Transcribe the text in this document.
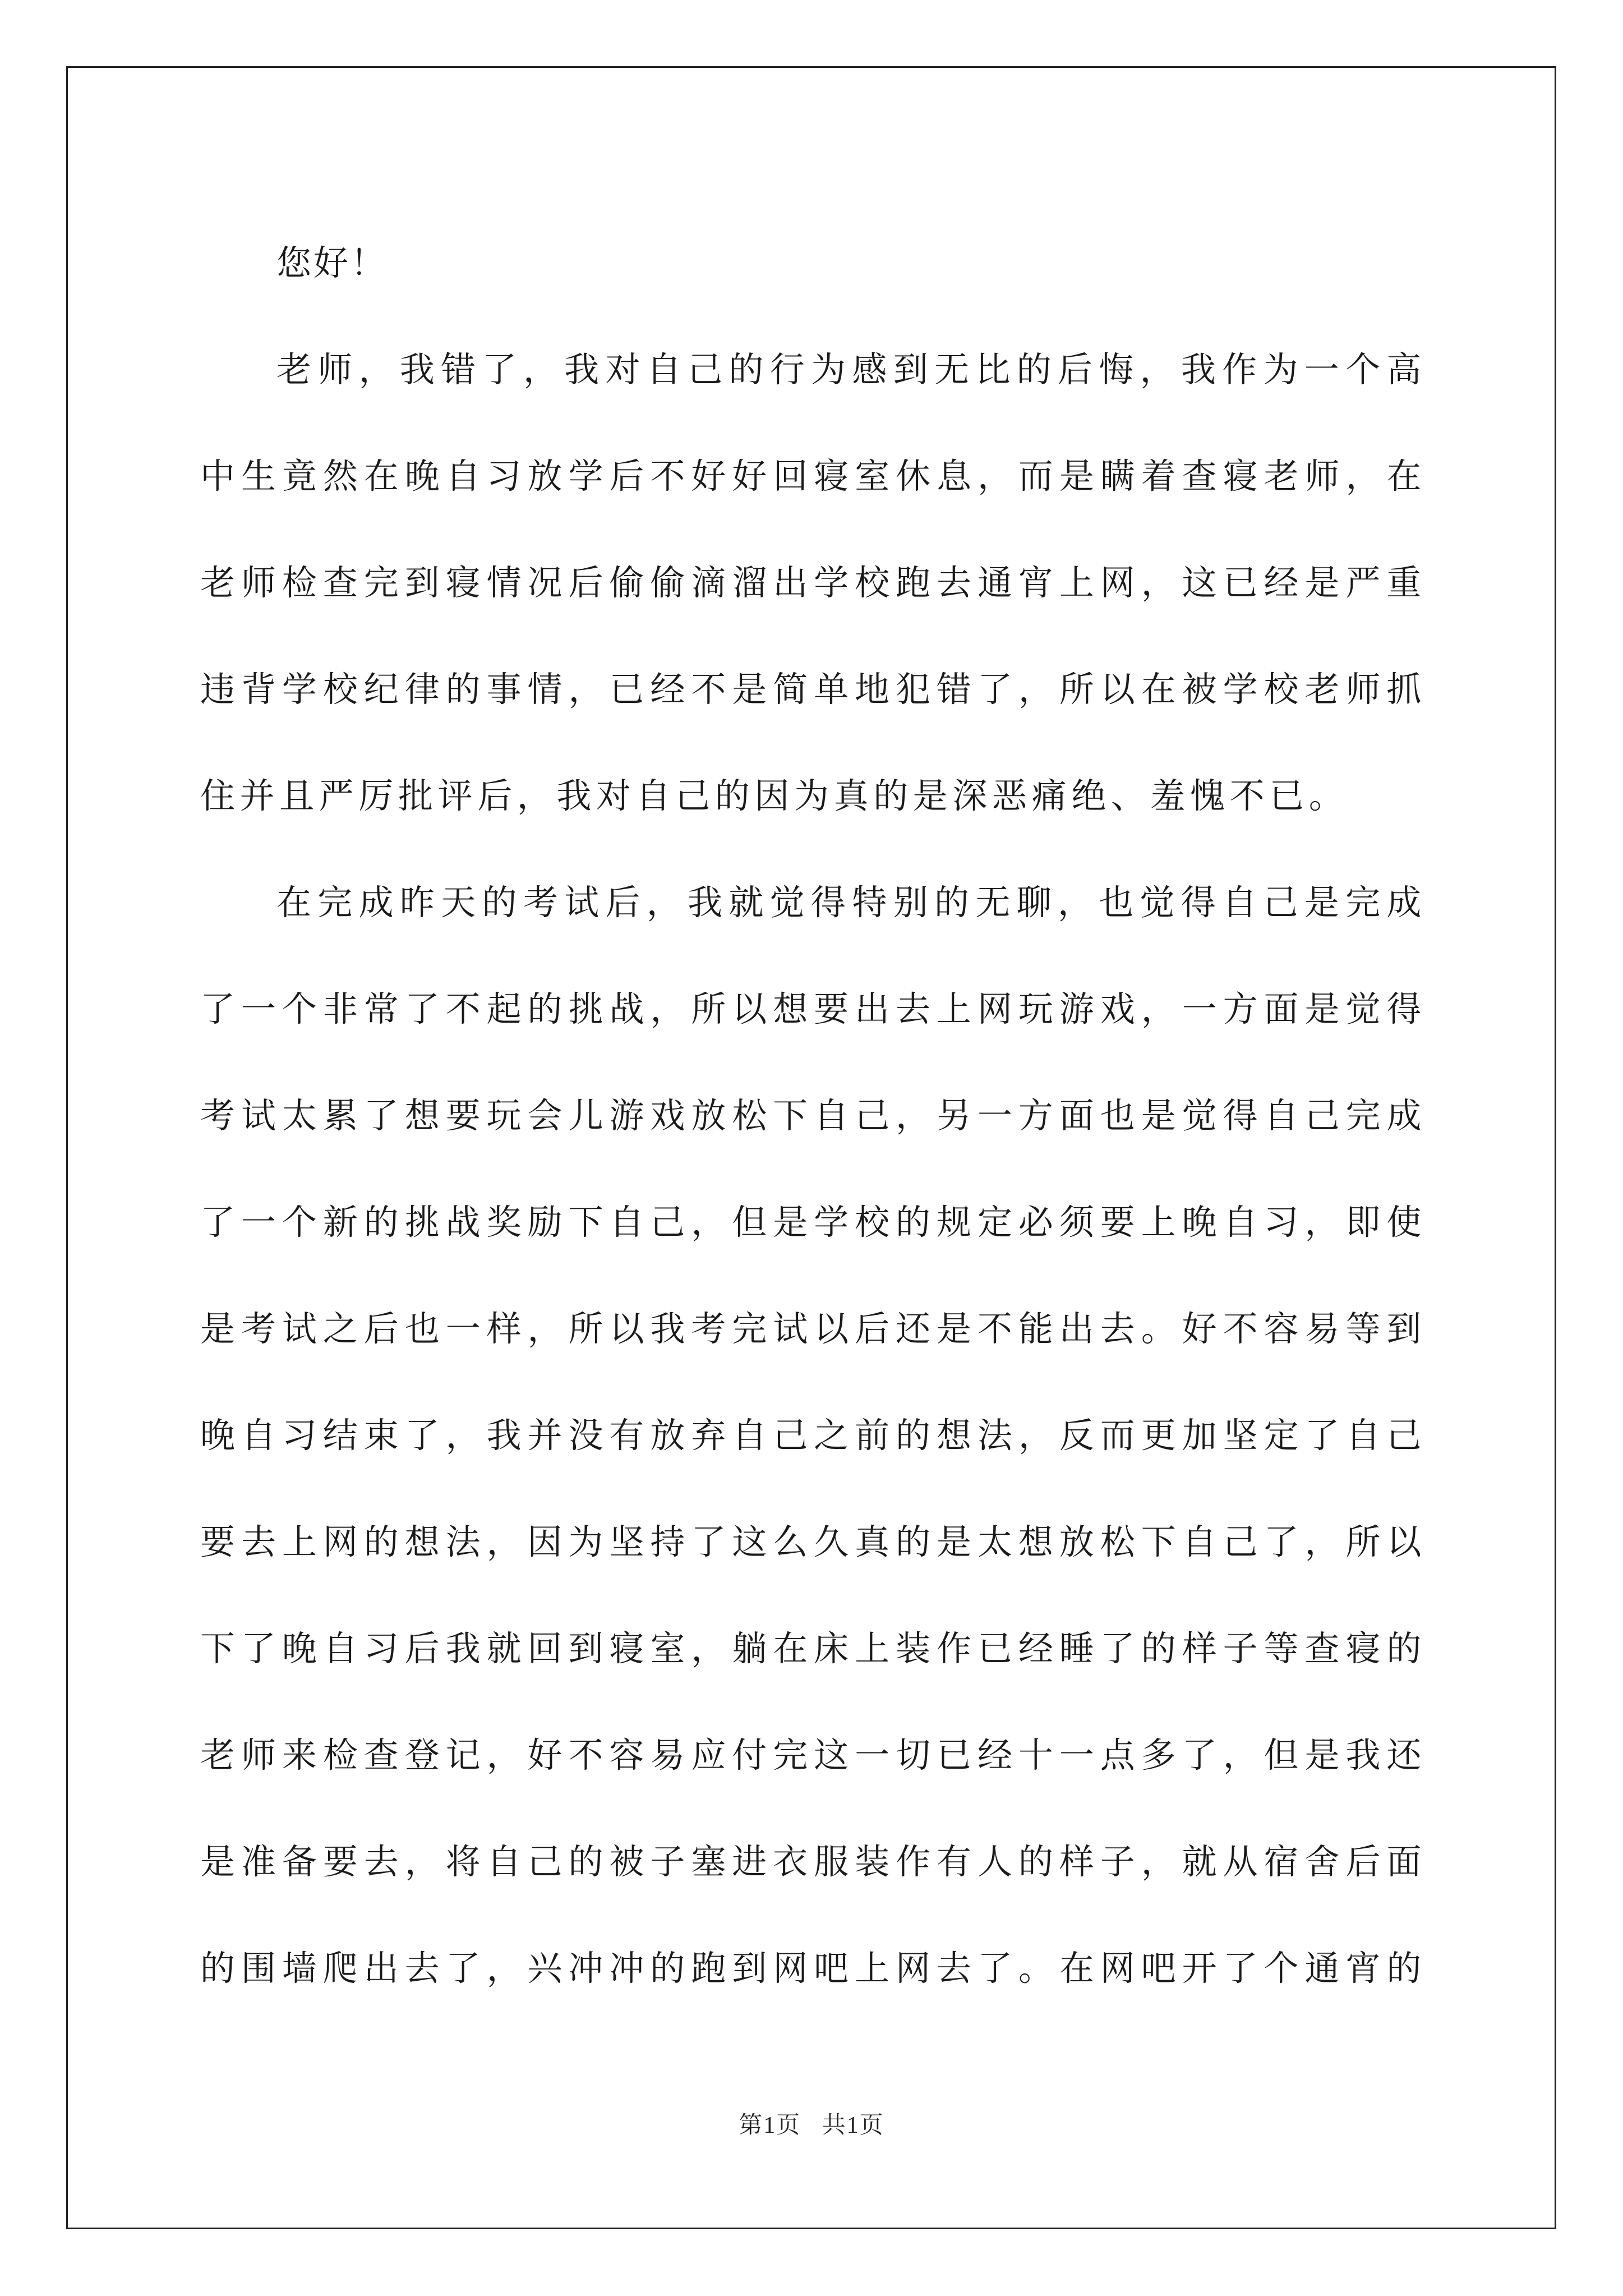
您好！
老师，我错了，我对自己的行为感到无比的后悔，我作为一个高
中生竟然在晚自习放学后不好好回寝室休息，而是瞒着查寝老师，在
老师检查完到寝情况后偷偷滴溜出学校跑去通宵上网，这已经是严重
违背学校纪律的事情，已经不是简单地犯错了，所以在被学校老师抓
住并且严厉批评后，我对自己的因为真的是深恶痛绝、羞愧不已。
在完成昨天的考试后，我就觉得特别的无聊，也觉得自己是完成
了一个非常了不起的挑战，所以想要出去上网玩游戏，一方面是觉得
考试太累了想要玩会儿游戏放松下自己，另一方面也是觉得自己完成
了一个新的挑战奖励下自己，但是学校的规定必须要上晚自习，即使
是考试之后也一样，所以我考完试以后还是不能出去。好不容易等到
晚自习结束了，我并没有放弃自己之前的想法，反而更加坚定了自己
要去上网的想法，因为坚持了这么久真的是太想放松下自己了，所以
下了晚自习后我就回到寝室，躺在床上装作已经睡了的样子等查寝的
老师来检查登记，好不容易应付完这一切已经十一点多了，但是我还
是准备要去，将自己的被子塞进衣服装作有人的样子，就从宿舍后面
的围墙爬出去了，兴冲冲的跑到网吧上网去了。在网吧开了个通宵的
第1页 共1页
